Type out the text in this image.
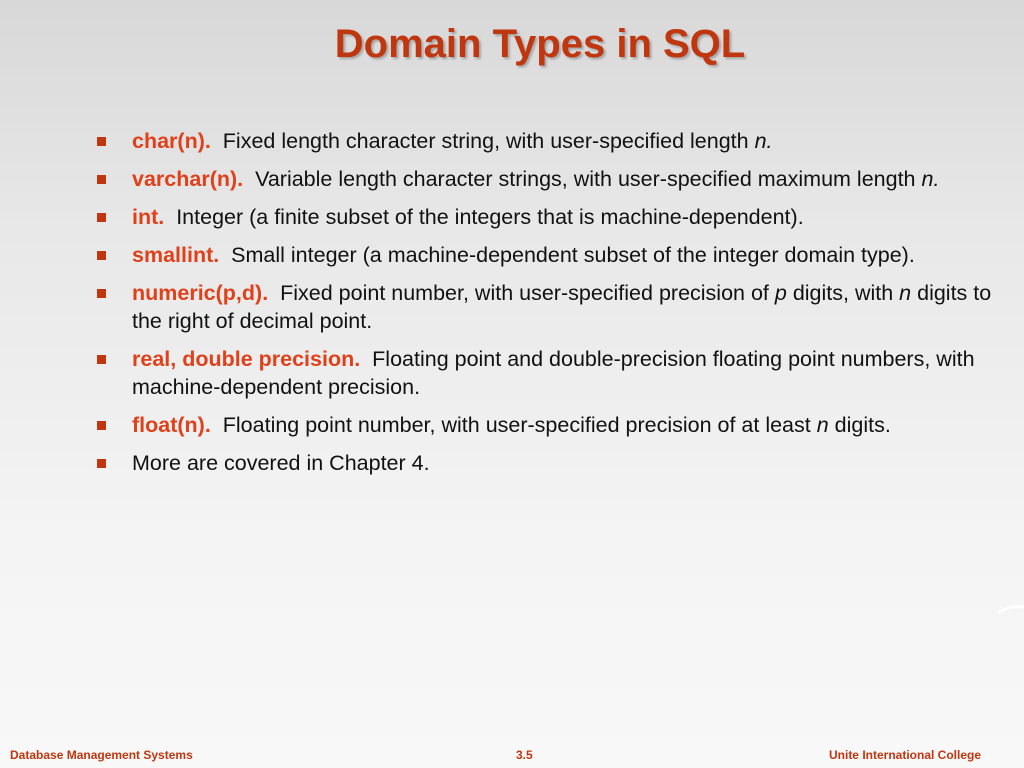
Domain Types in SQL
char(n). Fixed length character string, with user-specified length n.
varchar(n). Variable length character strings, with user-specified maximum length n.
int. Integer (a finite subset of the integers that is machine-dependent).
smallint. Small integer (a machine-dependent subset of the integer domain type).
numeric(p,d). Fixed point number, with user-specified precision of p digits, with n digits to the right of decimal point.
real, double precision. Floating point and double-precision floating point numbers, with machine-dependent precision.
float(n). Floating point number, with user-specified precision of at least n digits.
More are covered in Chapter 4.
Database Management Systems	3.5	Unite International College
